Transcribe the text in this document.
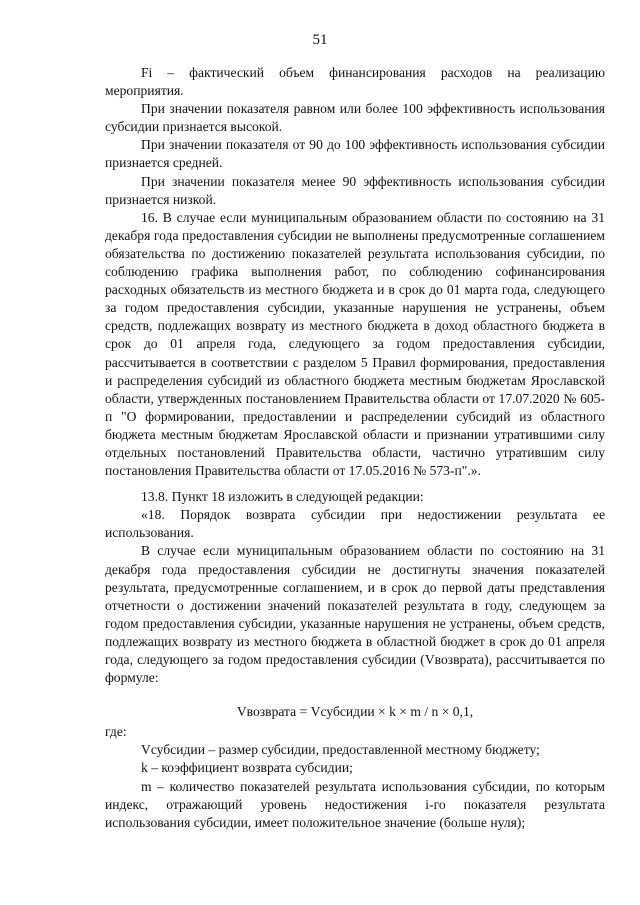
51

Fi – фактический объем финансирования расходов на реализацию мероприятия.

При значении показателя равном или более 100 эффективность использования субсидии признается высокой.

При значении показателя от 90 до 100 эффективность использования субсидии признается средней.

При значении показателя менее 90 эффективность использования субсидии признается низкой.

16. В случае если муниципальным образованием области по состоянию на 31 декабря года предоставления субсидии не выполнены предусмотренные соглашением обязательства по достижению показателей результата использования субсидии, по соблюдению графика выполнения работ, по соблюдению софинансирования расходных обязательств из местного бюджета и в срок до 01 марта года, следующего за годом предоставления субсидии, указанные нарушения не устранены, объем средств, подлежащих возврату из местного бюджета в доход областного бюджета в срок до 01 апреля года, следующего за годом предоставления субсидии, рассчитывается в соответствии с разделом 5 Правил формирования, предоставления и распределения субсидий из областного бюджета местным бюджетам Ярославской области, утвержденных постановлением Правительства области от 17.07.2020 № 605-п "О формировании, предоставлении и распределении субсидий из областного бюджета местным бюджетам Ярославской области и признании утратившими силу отдельных постановлений Правительства области, частично утратившим силу постановления Правительства области от 17.05.2016 № 573-п".».

13.8. Пункт 18 изложить в следующей редакции:

«18. Порядок возврата субсидии при недостижении результата ее использования.

В случае если муниципальным образованием области по состоянию на 31 декабря года предоставления субсидии не достигнуты значения показателей результата, предусмотренные соглашением, и в срок до первой даты представления отчетности о достижении значений показателей результата в году, следующем за годом предоставления субсидии, указанные нарушения не устранены, объем средств, подлежащих возврату из местного бюджета в областной бюджет в срок до 01 апреля года, следующего за годом предоставления субсидии (Vвозврата), рассчитывается по формуле:

Vвозврата = Vсубсидии × k × m / n × 0,1,

где:

Vсубсидии – размер субсидии, предоставленной местному бюджету;

k – коэффициент возврата субсидии;

m – количество показателей результата использования субсидии, по которым индекс, отражающий уровень недостижения i-го показателя результата использования субсидии, имеет положительное значение (больше нуля);
